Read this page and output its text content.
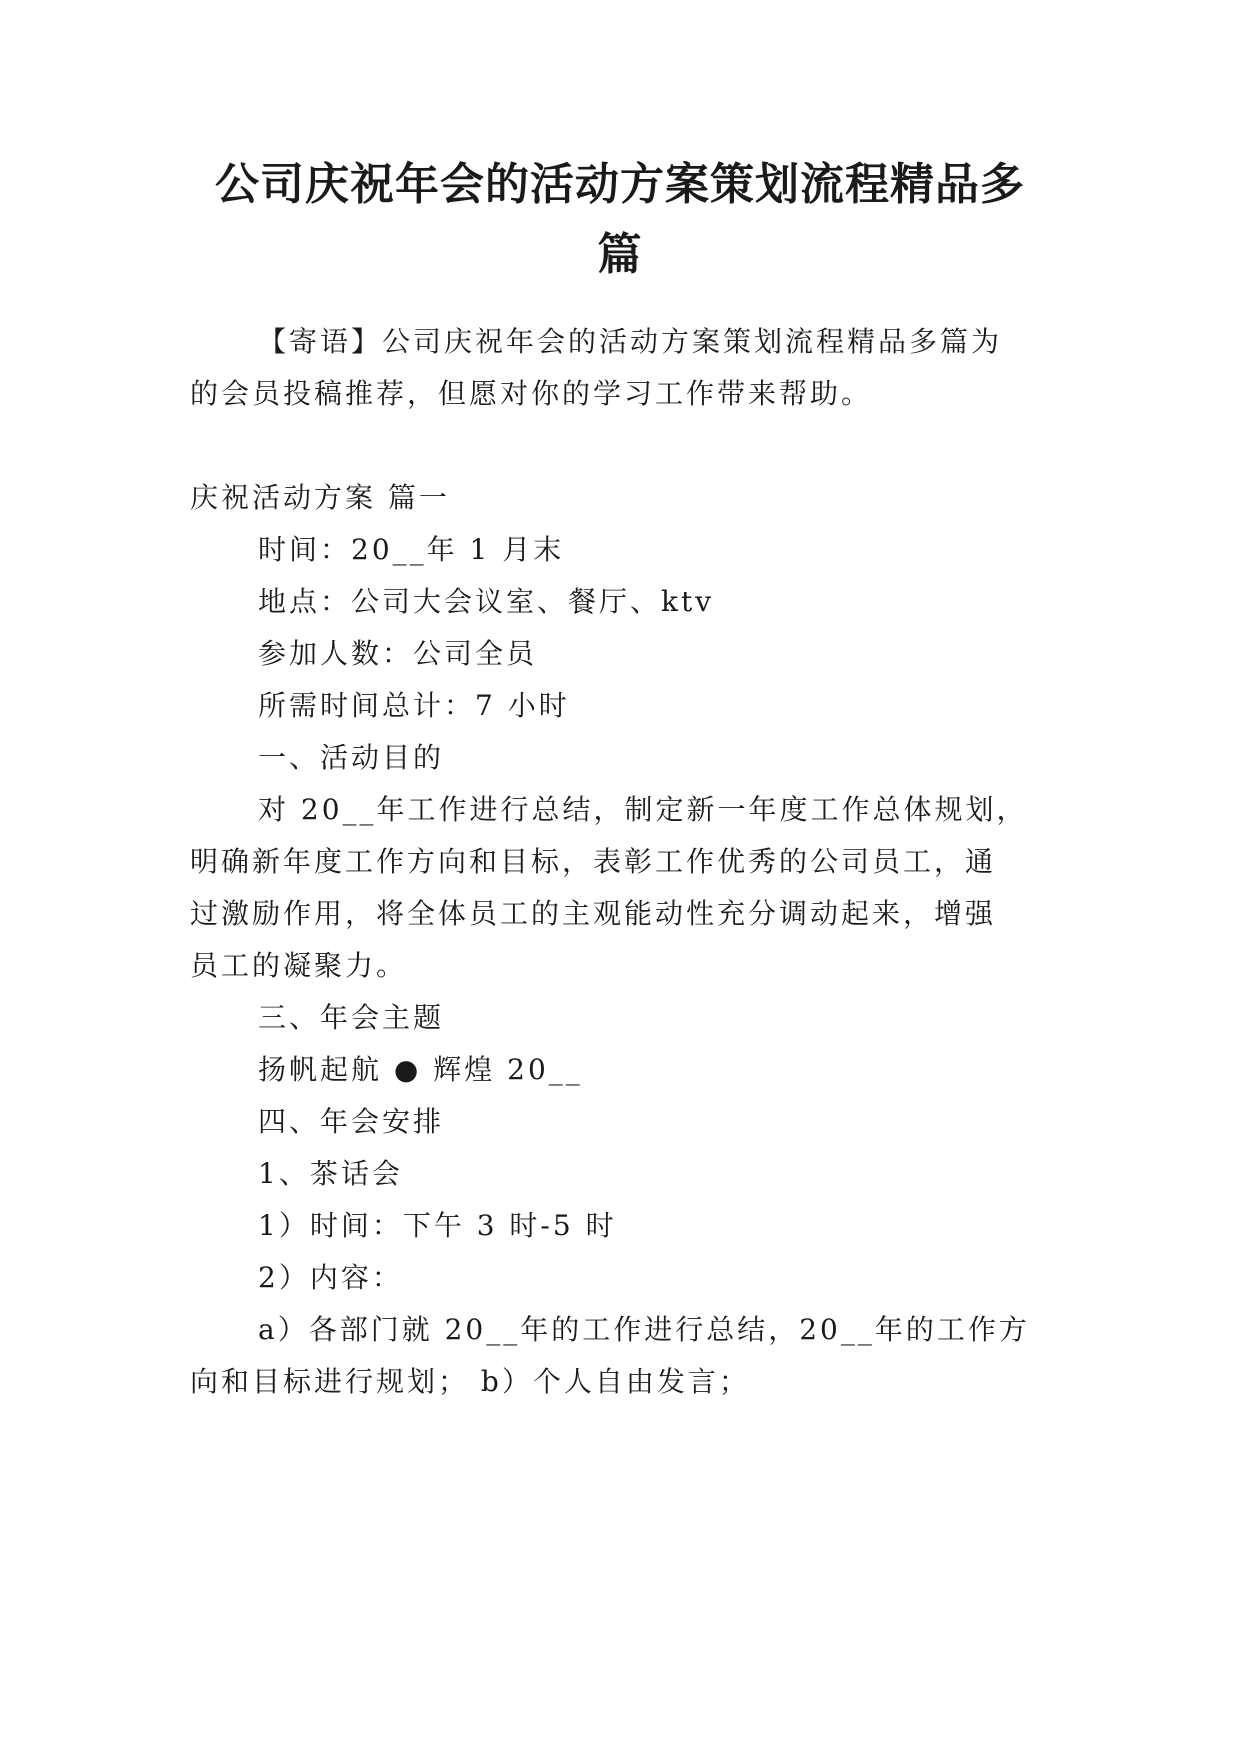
公司庆祝年会的活动方案策划流程精品多
篇
【寄语】公司庆祝年会的活动方案策划流程精品多篇为
的会员投稿推荐，但愿对你的学习工作带来帮助。
庆祝活动方案 篇一
时间：20__年 1 月末
地点：公司大会议室、餐厅、ktv
参加人数：公司全员
所需时间总计：7 小时
一、活动目的
对 20__年工作进行总结，制定新一年度工作总体规划，
明确新年度工作方向和目标，表彰工作优秀的公司员工，通
过激励作用，将全体员工的主观能动性充分调动起来，增强
员工的凝聚力。
三、年会主题
扬帆起航 ● 辉煌 20__
四、年会安排
1、茶话会
1）时间：下午 3 时-5 时
2）内容：
a）各部门就 20__年的工作进行总结，20__年的工作方
向和目标进行规划； b）个人自由发言；
